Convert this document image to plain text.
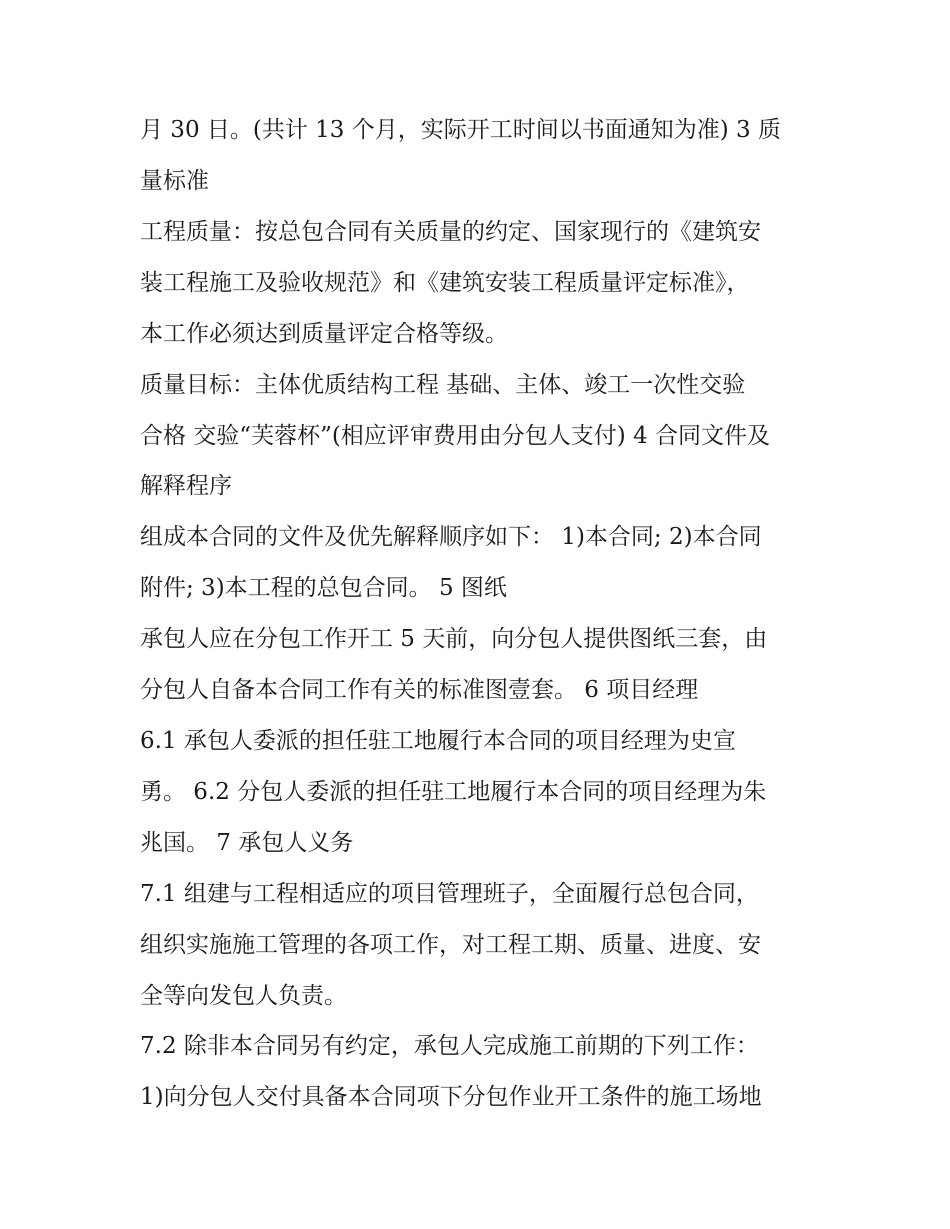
月 30 日。(共计 13 个月，实际开工时间以书面通知为准) 3 质

量标准

工程质量：按总包合同有关质量的约定、国家现行的《建筑安

装工程施工及验收规范》和《建筑安装工程质量评定标准》，

本工作必须达到质量评定合格等级。

质量目标：主体优质结构工程 基础、主体、竣工一次性交验

合格 交验“芙蓉杯”(相应评审费用由分包人支付) 4 合同文件及

解释程序

组成本合同的文件及优先解释顺序如下： 1)本合同; 2)本合同

附件; 3)本工程的总包合同。 5 图纸

承包人应在分包工作开工 5 天前，向分包人提供图纸三套，由

分包人自备本合同工作有关的标准图壹套。 6 项目经理

6.1 承包人委派的担任驻工地履行本合同的项目经理为史宣

勇。 6.2 分包人委派的担任驻工地履行本合同的项目经理为朱

兆国。 7 承包人义务

7.1 组建与工程相适应的项目管理班子，全面履行总包合同，

组织实施施工管理的各项工作，对工程工期、质量、进度、安

全等向发包人负责。

7.2 除非本合同另有约定，承包人完成施工前期的下列工作：

1)向分包人交付具备本合同项下分包作业开工条件的施工场地
